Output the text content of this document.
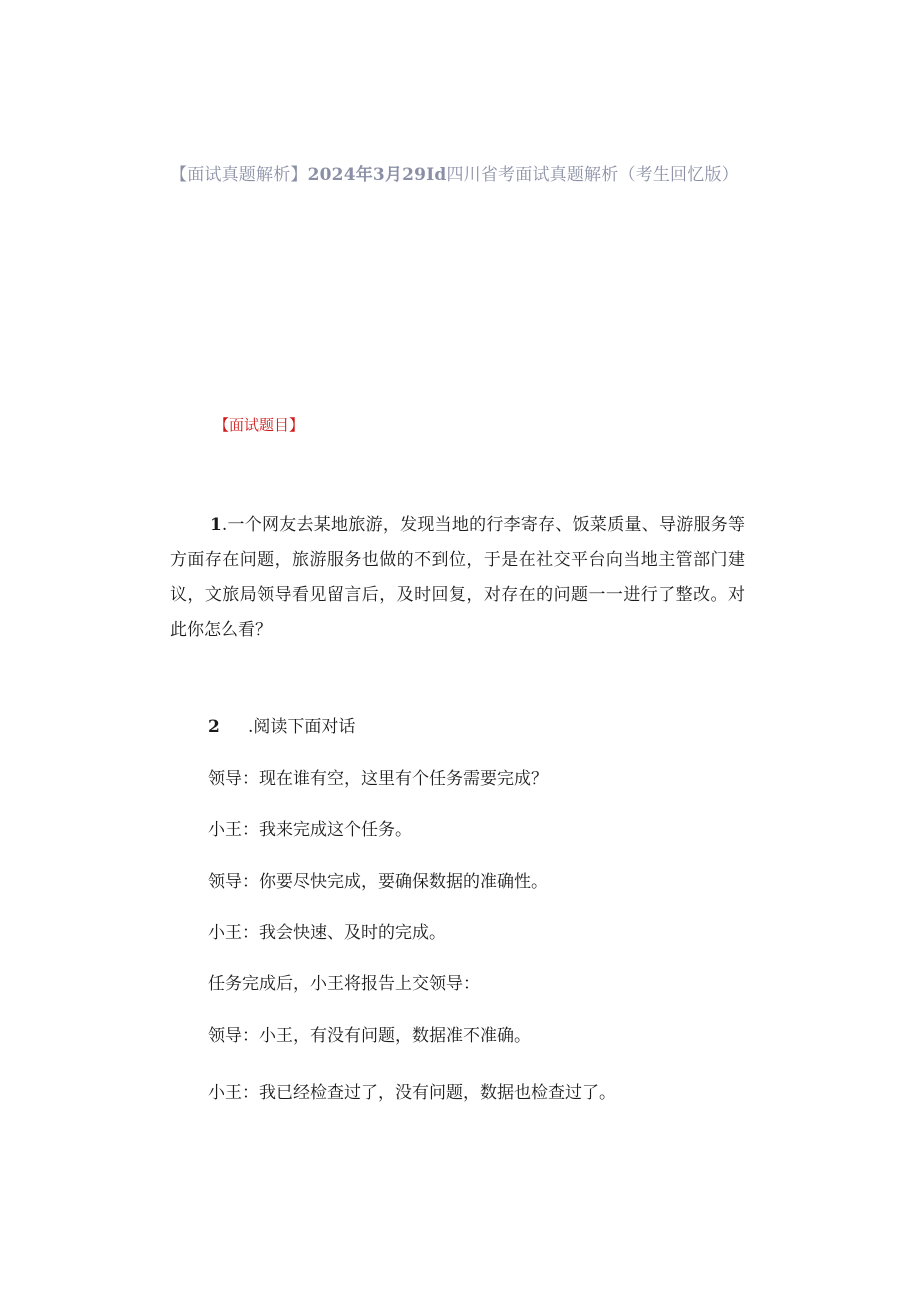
【面试真题解析】2024年3月29Id四川省考面试真题解析（考生回忆版）
【面试题目】
1.一个网友去某地旅游，发现当地的行李寄存、饭菜质量、导游服务等方面存在问题，旅游服务也做的不到位，于是在社交平台向当地主管部门建议，文旅局领导看见留言后，及时回复，对存在的问题一一进行了整改。对此你怎么看？
2 .阅读下面对话
领导：现在谁有空，这里有个任务需要完成？
小王：我来完成这个任务。
领导：你要尽快完成，要确保数据的准确性。
小王：我会快速、及时的完成。
任务完成后，小王将报告上交领导：
领导：小王，有没有问题，数据准不准确。
小王：我已经检查过了，没有问题，数据也检查过了。
